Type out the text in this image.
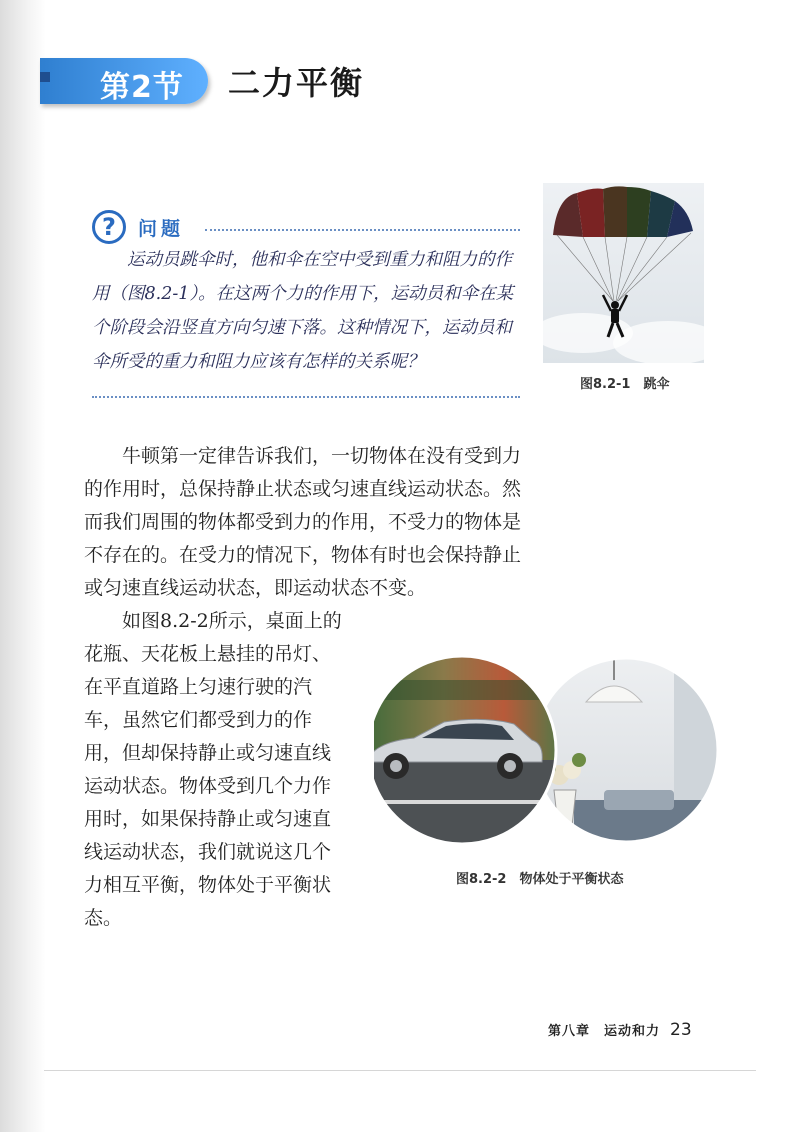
第2节 二力平衡
?	问题

运动员跳伞时，他和伞在空中受到重力和阻力的作用（图8.2-1）。在这两个力的作用下，运动员和伞在某个阶段会沿竖直方向匀速下落。这种情况下，运动员和伞所受的重力和阻力应该有怎样的关系呢？

图8.2-1　跳伞

牛顿第一定律告诉我们，一切物体在没有受到力的作用时，总保持静止状态或匀速直线运动状态。然而我们周围的物体都受到力的作用，不受力的物体是不存在的。在受力的情况下，物体有时也会保持静止或匀速直线运动状态，即运动状态不变。

如图8.2-2所示，桌面上的花瓶、天花板上悬挂的吊灯、在平直道路上匀速行驶的汽车，虽然它们都受到力的作用，但却保持静止或匀速直线运动状态。物体受到几个力作用时，如果保持静止或匀速直线运动状态，我们就说这几个力相互平衡，物体处于平衡状态。

图8.2-2　物体处于平衡状态
第八章　运动和力 23
